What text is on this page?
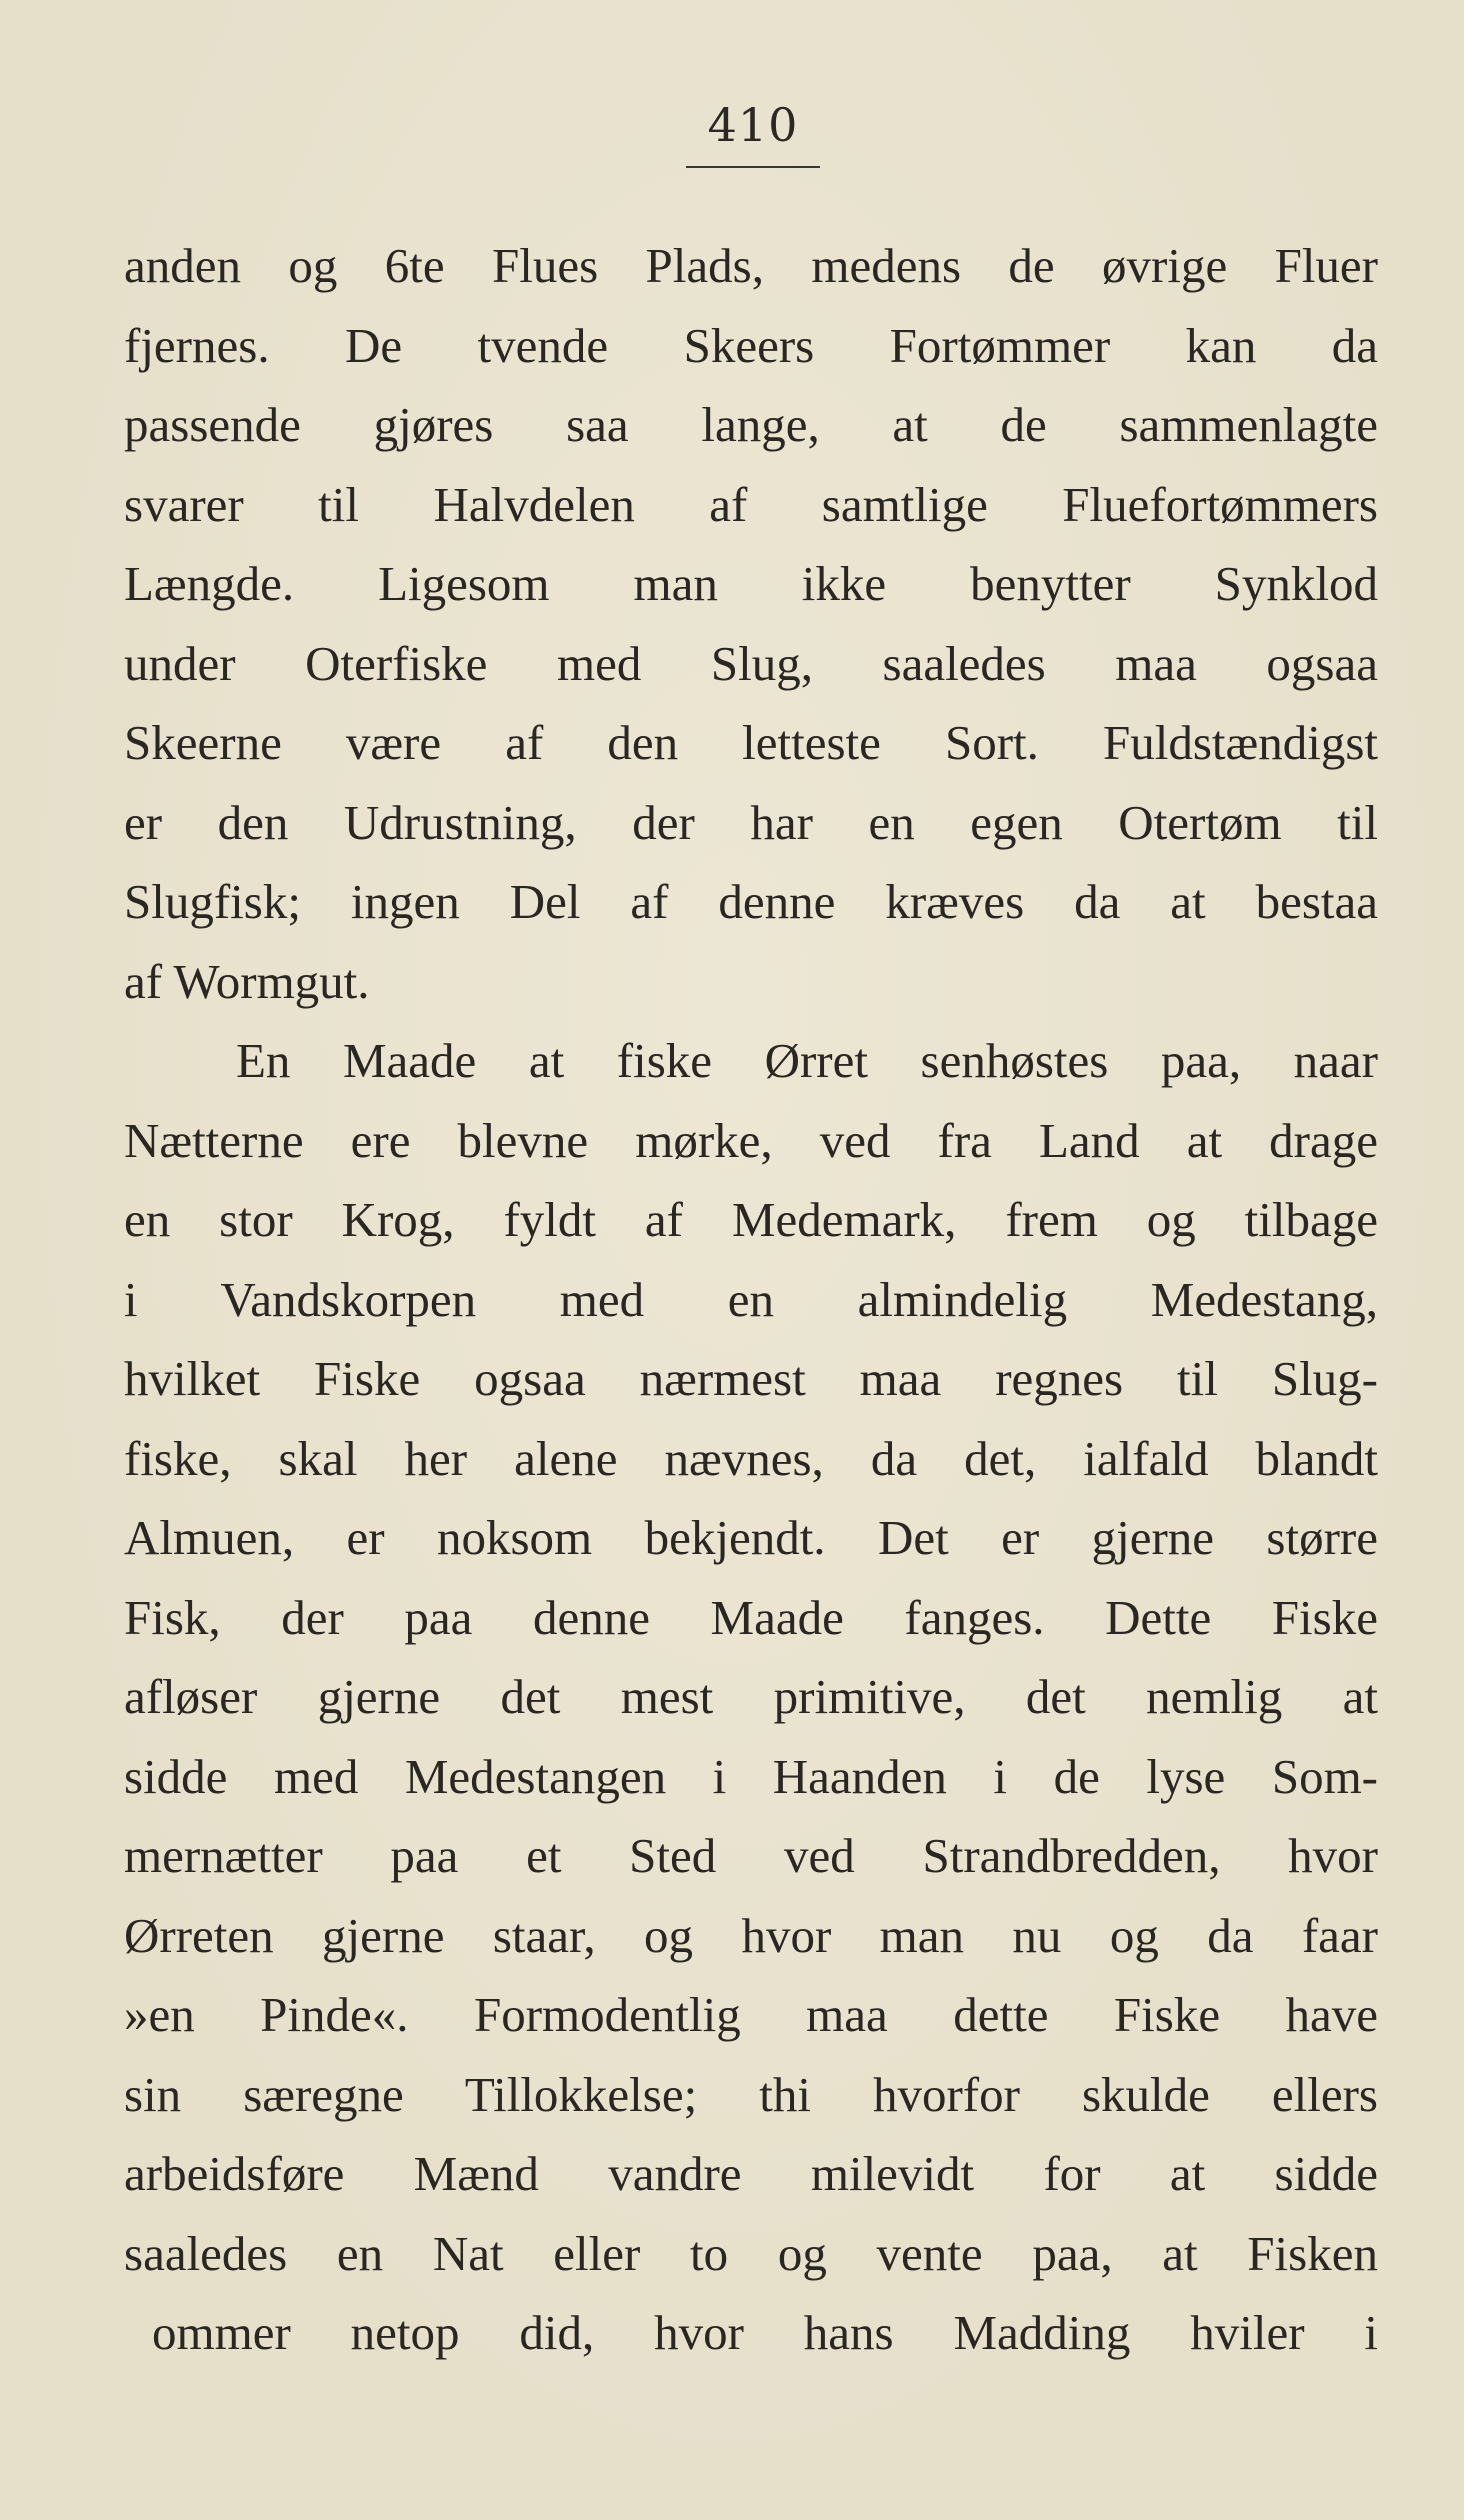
410
anden og 6te Flues Plads, medens de øvrige Fluer
fjernes. De tvende Skeers Fortømmer kan da
passende gjøres saa lange, at de sammenlagte
svarer til Halvdelen af samtlige Fluefortømmers
Længde. Ligesom man ikke benytter Synklod
under Oterfiske med Slug, saaledes maa ogsaa
Skeerne være af den letteste Sort. Fuldstændigst
er den Udrustning, der har en egen Otertøm til
Slugfisk; ingen Del af denne kræves da at bestaa
af Wormgut.
En Maade at fiske Ørret senhøstes paa, naar
Nætterne ere blevne mørke, ved fra Land at drage
en stor Krog, fyldt af Medemark, frem og tilbage
i Vandskorpen med en almindelig Medestang,
hvilket Fiske ogsaa nærmest maa regnes til Slug-
fiske, skal her alene nævnes, da det, ialfald blandt
Almuen, er noksom bekjendt. Det er gjerne større
Fisk, der paa denne Maade fanges. Dette Fiske
afløser gjerne det mest primitive, det nemlig at
sidde med Medestangen i Haanden i de lyse Som-
mernætter paa et Sted ved Strandbredden, hvor
Ørreten gjerne staar, og hvor man nu og da faar
»en Pinde«. Formodentlig maa dette Fiske have
sin særegne Tillokkelse; thi hvorfor skulde ellers
arbeidsføre Mænd vandre milevidt for at sidde
saaledes en Nat eller to og vente paa, at Fisken
ommer netop did, hvor hans Madding hviler i
